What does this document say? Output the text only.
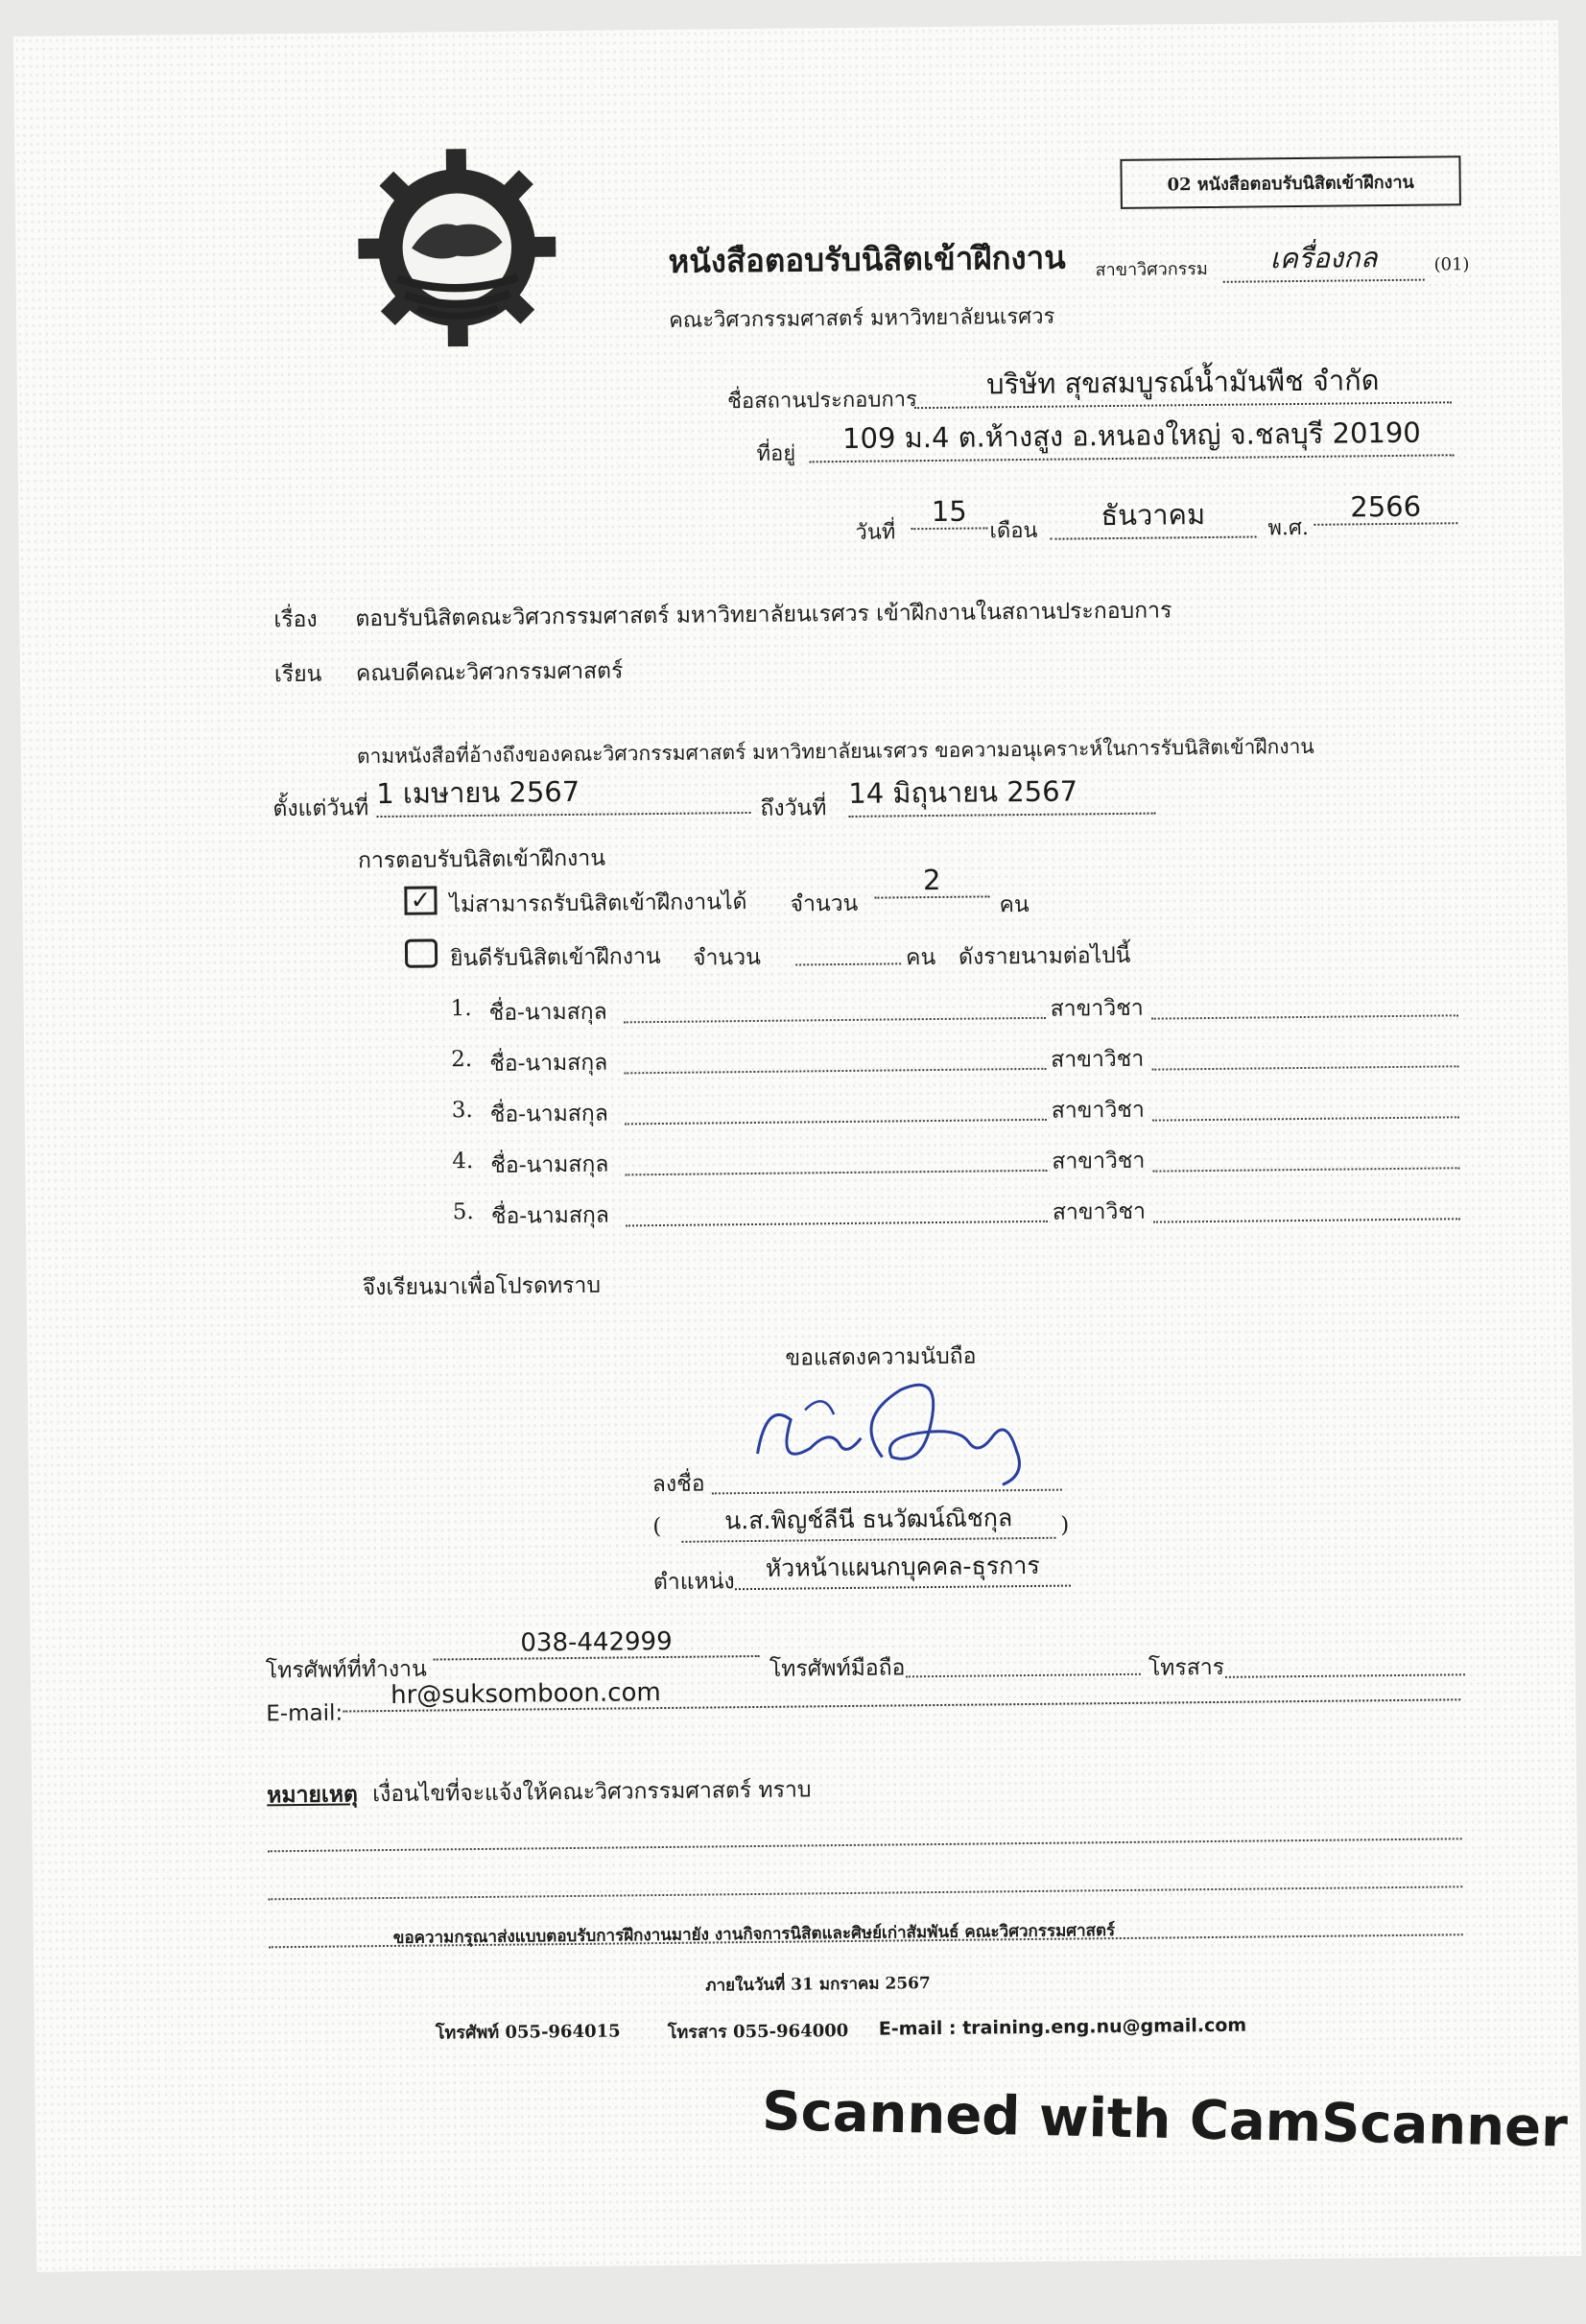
02 หนังสือตอบรับนิสิตเข้าฝึกงาน
หนังสือตอบรับนิสิตเข้าฝึกงาน สาขาวิศวกรรม	เครื่องกล	(01)
คณะวิศวกรรมศาสตร์ มหาวิทยาลัยนเรศวร
ชื่อสถานประกอบการ
บริษัท สุขสมบูรณ์น้ำมันพืช จำกัด
ที่อยู่	109 ม.4 ต.ห้างสูง อ.หนองใหญ่ จ.ชลบุรี 20190
วันที่
15
เดือน	ธันวาคม	พ.ศ.
2566
เรื่อง ตอบรับนิสิตคณะวิศวกรรมศาสตร์ มหาวิทยาลัยนเรศวร เข้าฝึกงานในสถานประกอบการ
เรียน คณบดีคณะวิศวกรรมศาสตร์
ตามหนังสือที่อ้างถึงของคณะวิศวกรรมศาสตร์ มหาวิทยาลัยนเรศวร ขอความอนุเคราะห์ในการรับนิสิตเข้าฝึกงาน
ตั้งแต่วันที่ 1 เมษายน 2567	ถึงวันที่ 14 มิถุนายน 2567
การตอบรับนิสิตเข้าฝึกงาน
✓ ไม่สามารถรับนิสิตเข้าฝึกงานได้ จำนวน
2
คน
ยินดีรับนิสิตเข้าฝึกงาน จำนวน	คน ดังรายนามต่อไปนี้
1. ชื่อ-นามสกุล	สาขาวิชา
2. ชื่อ-นามสกุล	สาขาวิชา
3. ชื่อ-นามสกุล	สาขาวิชา
4. ชื่อ-นามสกุล	สาขาวิชา
5. ชื่อ-นามสกุล	สาขาวิชา
จึงเรียนมาเพื่อโปรดทราบ
ขอแสดงความนับถือ
ลงชื่อ
(	น.ส.พิญช์ลีนี ธนวัฒน์ณิชกุล	)
ตำแหน่ง	หัวหน้าแผนกบุคคล-ธุรการ
โทรศัพท์ที่ทำงาน
038-442999
โทรศัพท์มือถือ	โทรสาร
E-mail:
hr@suksomboon.com
หมายเหตุ เงื่อนไขที่จะแจ้งให้คณะวิศวกรรมศาสตร์ ทราบ
ขอความกรุณาส่งแบบตอบรับการฝึกงานมายัง งานกิจการนิสิตและศิษย์เก่าสัมพันธ์ คณะวิศวกรรมศาสตร์
ภายในวันที่ 31 มกราคม 2567
โทรศัพท์ 055-964015	โทรสาร 055-964000 E-mail : training.eng.nu@gmail.com
Scanned with CamScanner
